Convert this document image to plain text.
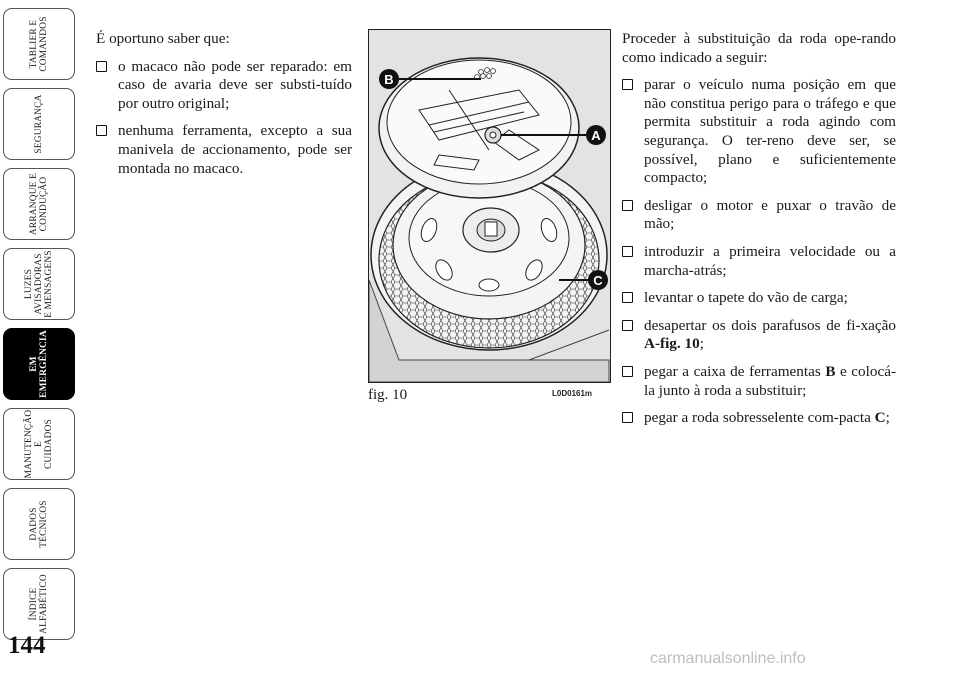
TABLIER E
COMANDOS
SEGURANÇA
ARRANQUE E
CONDUÇÃO
LUZES
AVISADORAS
E MENSAGENS
EM
EMERGÊNCIA
MANUTENÇÃO E
CUIDADOS
DADOS
TÉCNICOS
ÍNDICE
ALFABÉTICO
144

É oportuno saber que:

o macaco não pode ser reparado: em caso de avaria deve ser substi-tuído por outro original;
nenhuma ferramenta, excepto a sua manivela de accionamento, pode ser montada no macaco.
B
A
C
fig. 10	L0D0161m

Proceder à substituição da roda ope-rando como indicado a seguir:

parar o veículo numa posição em que não constitua perigo para o tráfego e que permita substituir a roda agindo com segurança. O ter-reno deve ser, se possível, plano e suficientemente compacto;
desligar o motor e puxar o travão de mão;
introduzir a primeira velocidade ou a marcha-atrás;
levantar o tapete do vão de carga;
desapertar os dois parafusos de fi-xação A-fig. 10;
pegar a caixa de ferramentas B e colocá-la junto à roda a substituir;
pegar a roda sobresselente com-pacta C;
carmanualsonline.info
